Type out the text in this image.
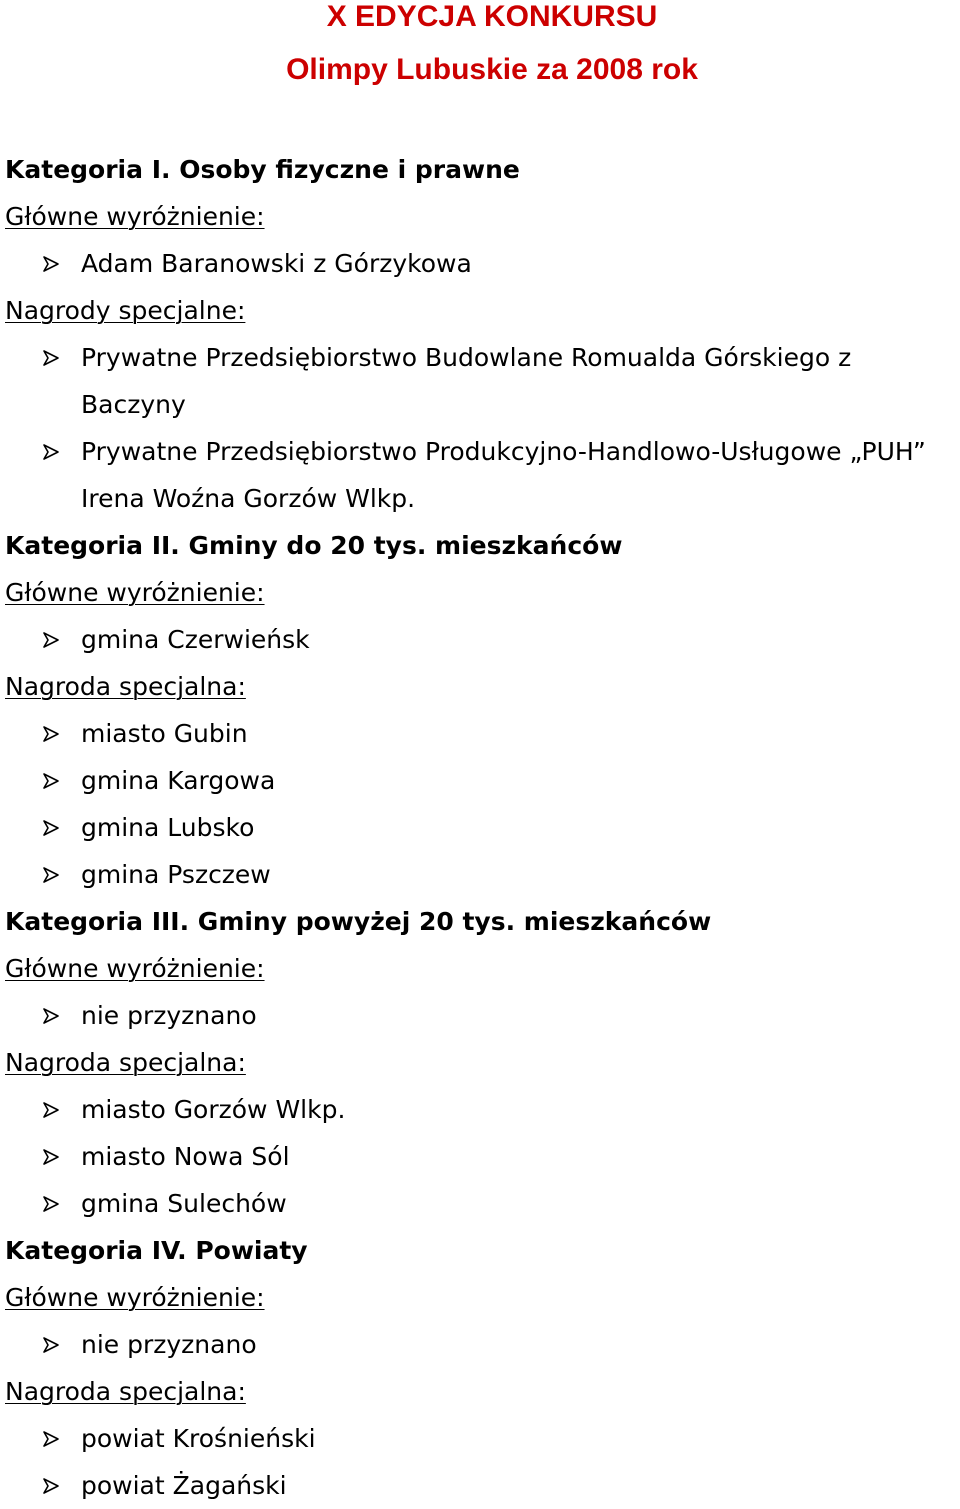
X EDYCJA KONKURSU
Olimpy Lubuskie za 2008 rok
Kategoria I. Osoby fizyczne i prawne
Główne wyróżnienie:
Adam Baranowski z Górzykowa
Nagrody specjalne:
Prywatne Przedsiębiorstwo Budowlane Romualda Górskiego z Baczyny
Prywatne Przedsiębiorstwo Produkcyjno-Handlowo-Usługowe „PUH” Irena Woźna Gorzów Wlkp.
Kategoria II. Gminy do 20 tys. mieszkańców
Główne wyróżnienie:
gmina Czerwieńsk
Nagroda specjalna:
miasto Gubin
gmina Kargowa
gmina Lubsko
gmina Pszczew
Kategoria III. Gminy powyżej 20 tys. mieszkańców
Główne wyróżnienie:
nie przyznano
Nagroda specjalna:
miasto Gorzów Wlkp.
miasto Nowa Sól
gmina Sulechów
Kategoria IV. Powiaty
Główne wyróżnienie:
nie przyznano
Nagroda specjalna:
powiat Krośnieński
powiat Żagański
